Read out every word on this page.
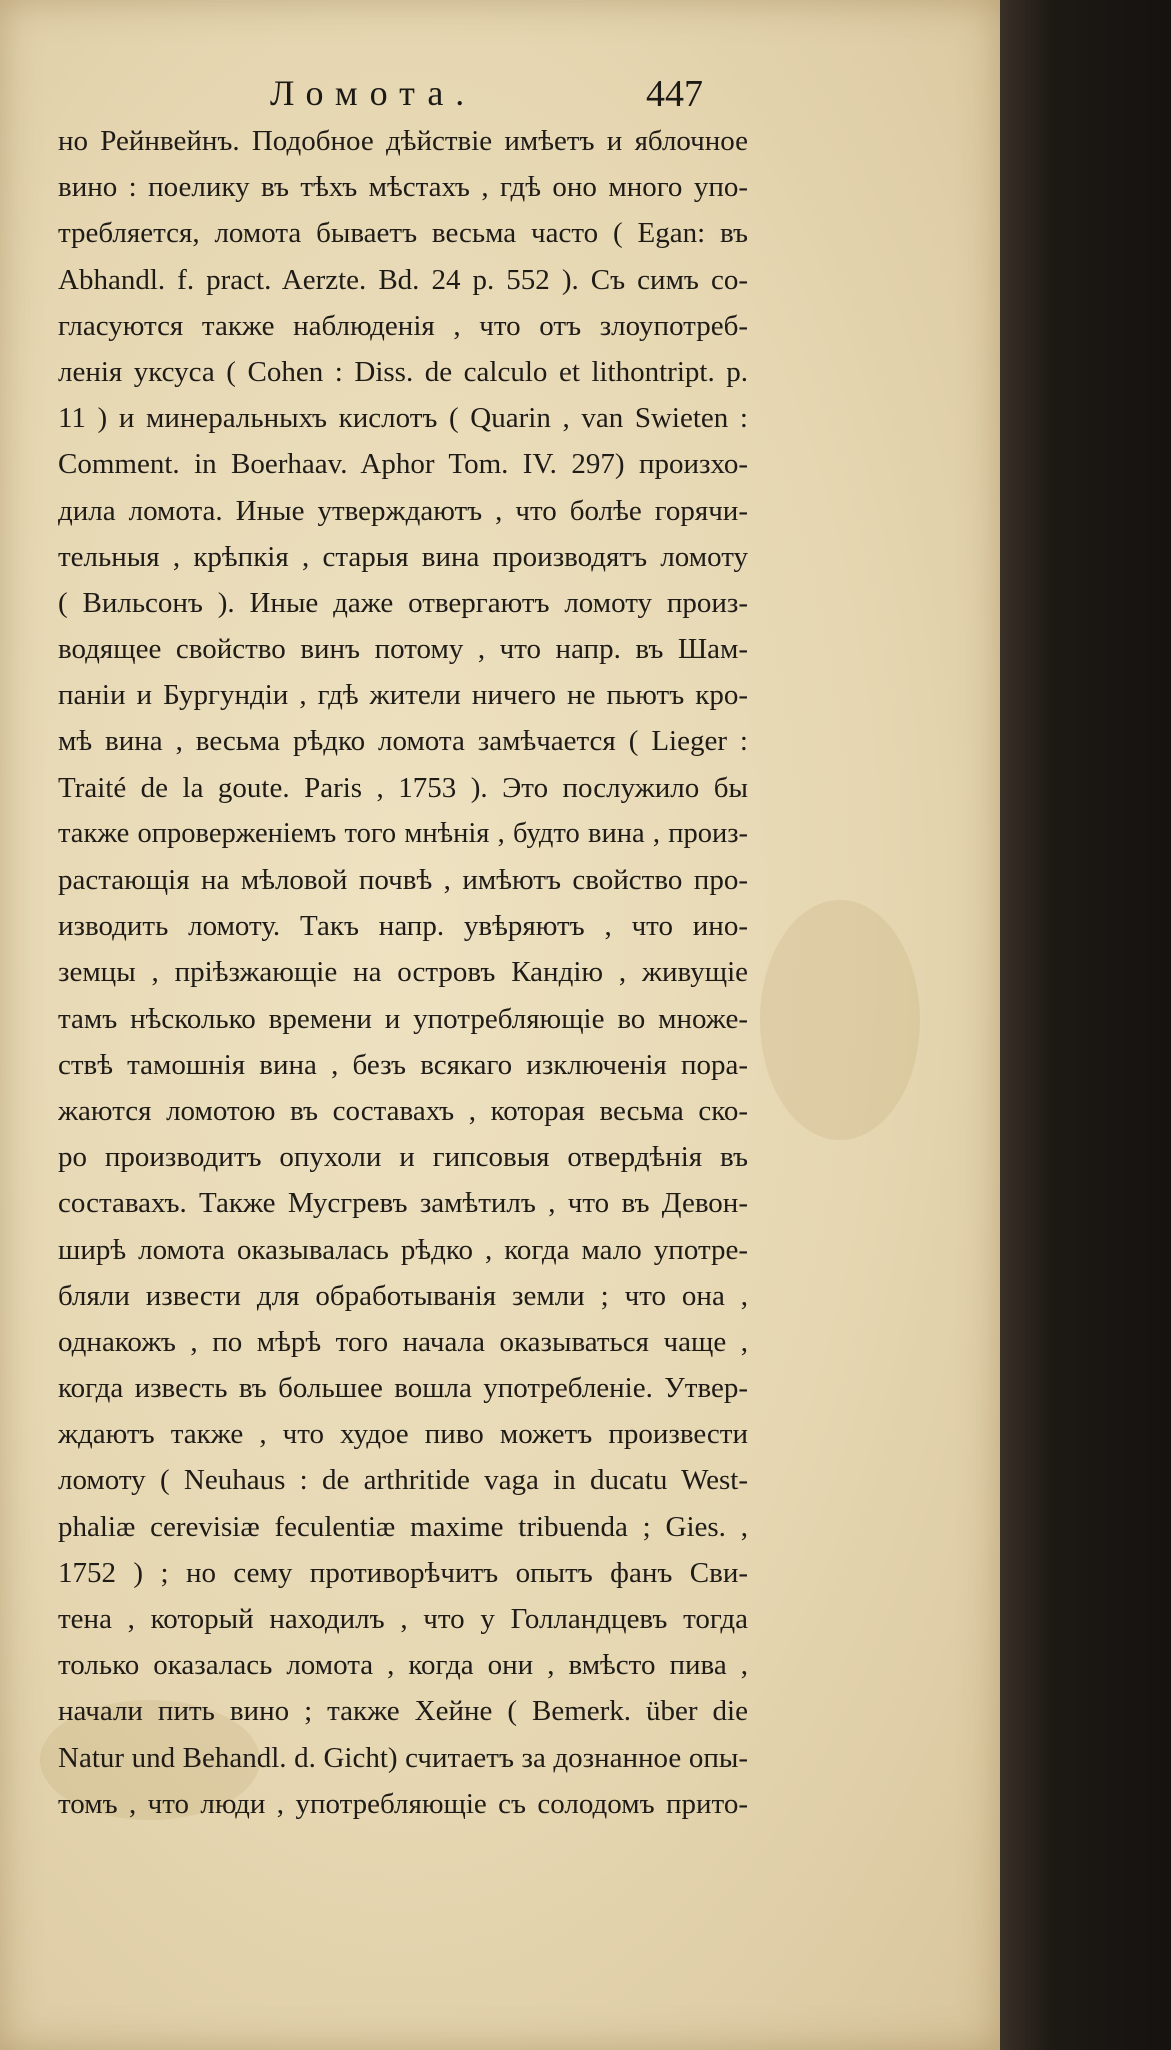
Ломота.	447
но Рейнвейнъ. Подобное дѣйствіе имѣетъ и яблочное
вино : поелику въ тѣхъ мѣстахъ , гдѣ оно много упо-
требляется, ломота бываетъ весьма часто ( Egan: въ
Abhandl. f. pract. Aerzte. Bd. 24 p. 552 ). Съ симъ со-
гласуются также наблюденія , что отъ злоупотреб-
ленія уксуса ( Cohen : Diss. de calculo et lithontript. p.
11 ) и минеральныхъ кислотъ ( Quarin , van Swieten :
Comment. in Boerhaav. Aphor Tom. IV. 297) произхо-
дила ломота. Иные утверждаютъ , что болѣе горячи-
тельныя , крѣпкія , старыя вина производятъ ломоту
( Вильсонъ ). Иные даже отвергаютъ ломоту произ-
водящее свойство винъ потому , что напр. въ Шам-
паніи и Бургундіи , гдѣ жители ничего не пьютъ кро-
мѣ вина , весьма рѣдко ломота замѣчается ( Lieger :
Traité de la goute. Paris , 1753 ). Это послужило бы
также опроверженіемъ того мнѣнія , будто вина , произ-
растающія на мѣловой почвѣ , имѣютъ свойство про-
изводить ломоту. Такъ напр. увѣряютъ , что ино-
земцы , пріѣзжающіе на островъ Кандію , живущіе
тамъ нѣсколько времени и употребляющіе во множе-
ствѣ тамошнія вина , безъ всякаго изключенія пора-
жаются ломотою въ составахъ , которая весьма ско-
ро производитъ опухоли и гипсовыя отвердѣнія въ
составахъ. Также Мусгревъ замѣтилъ , что въ Девон-
ширѣ ломота оказывалась рѣдко , когда мало употре-
бляли извести для обработыванія земли ; что она ,
однакожъ , по мѣрѣ того начала оказываться чаще ,
когда известь въ большее вошла употребленіе. Утвер-
ждаютъ также , что худое пиво можетъ произвести
ломоту ( Neuhaus : de arthritide vaga in ducatu West-
phaliæ cerevisiæ feculentiæ maxime tribuenda ; Gies. ,
1752 ) ; но сему противорѣчитъ опытъ фанъ Сви-
тена , который находилъ , что у Голландцевъ тогда
только оказалась ломота , когда они , вмѣсто пива ,
начали пить вино ; также Хейне ( Bemerk. über die
Natur und Behandl. d. Gicht) считаетъ за дознанное опы-
томъ , что люди , употребляющіе съ солодомъ прито-
